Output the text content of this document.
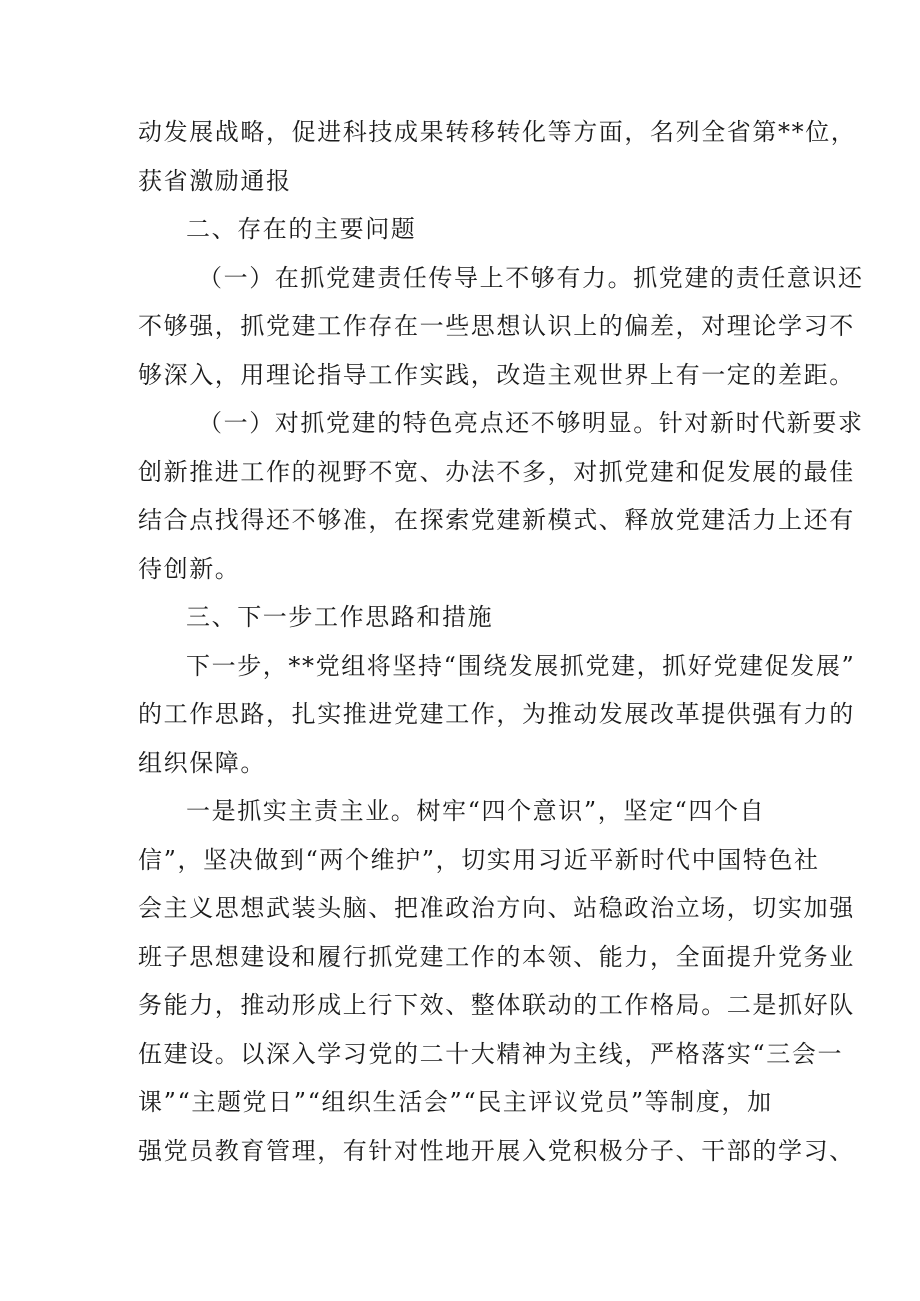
动发展战略，促进科技成果转移转化等方面，名列全省第**位，
获省激励通报
二、存在的主要问题
（一）在抓党建责任传导上不够有力。抓党建的责任意识还
不够强，抓党建工作存在一些思想认识上的偏差，对理论学习不
够深入，用理论指导工作实践，改造主观世界上有一定的差距。
（一）对抓党建的特色亮点还不够明显。针对新时代新要求
创新推进工作的视野不宽、办法不多，对抓党建和促发展的最佳
结合点找得还不够准，在探索党建新模式、释放党建活力上还有
待创新。
三、下一步工作思路和措施
下一步，**党组将坚持“围绕发展抓党建，抓好党建促发展”
的工作思路，扎实推进党建工作，为推动发展改革提供强有力的
组织保障。
一是抓实主责主业。树牢“四个意识”，坚定“四个自
信”，坚决做到“两个维护”，切实用习近平新时代中国特色社
会主义思想武装头脑、把准政治方向、站稳政治立场，切实加强
班子思想建设和履行抓党建工作的本领、能力，全面提升党务业
务能力，推动形成上行下效、整体联动的工作格局。二是抓好队
伍建设。以深入学习党的二十大精神为主线，严格落实“三会一
课”“主题党日”“组织生活会”“民主评议党员”等制度，加
强党员教育管理，有针对性地开展入党积极分子、干部的学习、
